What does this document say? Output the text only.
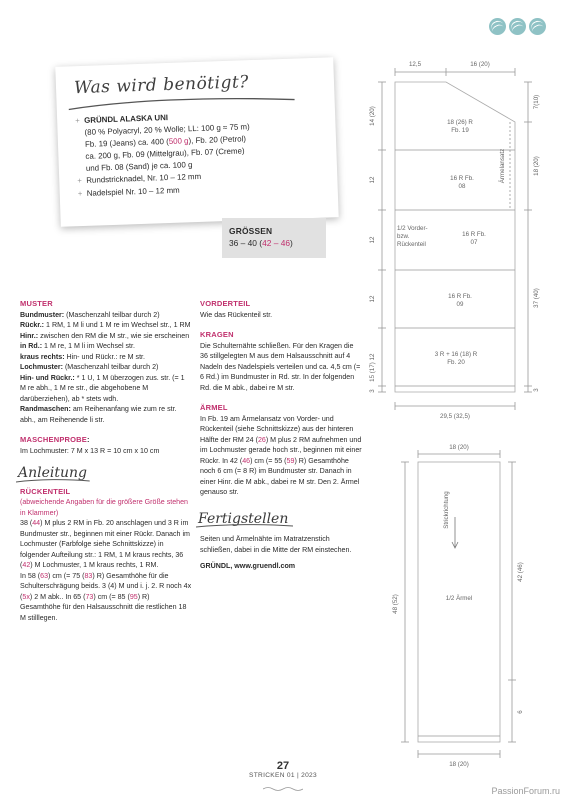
Was wird benötigt?
+ GRÜNDL ALASKA UNI
(80 % Polyacryl, 20 % Wolle; LL: 100 g ≈ 75 m)
Fb. 19 (Jeans) ca. 400 (500 g), Fb. 20 (Petrol)
ca. 200 g, Fb. 09 (Mittelgrau), Fb. 07 (Creme)
und Fb. 08 (Sand) je ca. 100 g
+ Rundstricknadel, Nr. 10 – 12 mm
+ Nadelspiel Nr. 10 – 12 mm
GRÖSSEN
36 – 40 (42 – 46)
MUSTER
Bundmuster: (Maschenzahl teilbar durch 2)
Rückr.: 1 RM, 1 M li und 1 M re im Wechsel str., 1 RM
Hinr.: zwischen den RM die M str., wie sie erscheinen
in Rd.: 1 M re, 1 M li im Wechsel str.
kraus rechts: Hin- und Rückr.: re M str.
Lochmuster: (Maschenzahl teilbar durch 2)
Hin- und Rückr.: * 1 U, 1 M überzogen zus. str. (= 1 M re abh., 1 M re str., die abgehobene M darüberziehen), ab * stets wdh.
Randmaschen: am Reihenanfang wie zum re str. abh., am Reihenende li str.
MASCHENPROBE:
Im Lochmuster: 7 M x 13 R = 10 cm x 10 cm
Anleitung
RÜCKENTEIL
(abweichende Angaben für die größere Größe stehen in Klammer)
38 (44) M plus 2 RM in Fb. 20 anschlagen und 3 R im Bundmuster str., beginnen mit einer Rückr. Danach im Lochmuster (Farbfolge siehe Schnittskizze) in folgender Aufteilung str.: 1 RM, 1 M kraus rechts, 36 (42) M Lochmuster, 1 M kraus rechts, 1 RM.
In 58 (63) cm (= 75 (83) R) Gesamthöhe für die Schulterschrägung beids. 3 (4) M und i. j. 2. R noch 4x (5x) 2 M abk.. In 65 (73) cm (= 85 (95) R) Gesamthöhe für den Halsausschnitt die restlichen 18 M stilllegen.
VORDERTEIL
Wie das Rückenteil str.
KRAGEN
Die Schulternähte schließen. Für den Kragen die 36 stillgelegten M aus dem Halsausschnitt auf 4 Nadeln des Nadelspiels verteilen und ca. 4,5 cm (= 6 Rd.) im Bundmuster in Rd. str. In der folgenden Rd. die M abk., dabei re M str.
ÄRMEL
In Fb. 19 am Ärmelansatz von Vorder- und Rückenteil (siehe Schnittskizze) aus der hinteren Hälfte der RM 24 (26) M plus 2 RM aufnehmen und im Lochmuster gerade hoch str., beginnen mit einer Rückr. In 42 (46) cm (= 55 (59) R) Gesamthöhe noch 6 cm (= 8 R) im Bundmuster str. Danach in einer Hinr. die M abk., dabei re M str. Den 2. Ärmel genauso str.
Fertigstellen
Seiten und Ärmelnähte im Matratzenstich schließen, dabei in die Mitte der RM einstechen.
GRÜNDL, www.gruendl.com
12,5	16 (20)
14 (20)
12
12
12
12
15 (17)
3
7(10)
18 (20)
37 (40)
3
Ärmelansatz
18 (26) R
Fb. 19
16 R Fb.
08
1/2 Vorder-
bzw.
Rückenteil
16 R Fb.
07
16 R Fb.
09
3 R + 16 (18) R
Fb. 20
29,5 (32,5)
18 (20)
Strickrichtung
1/2 Ärmel
48 (52)
42 (46)
6
18 (20)
27
STRICKEN 01 | 2023
PassionForum.ru
